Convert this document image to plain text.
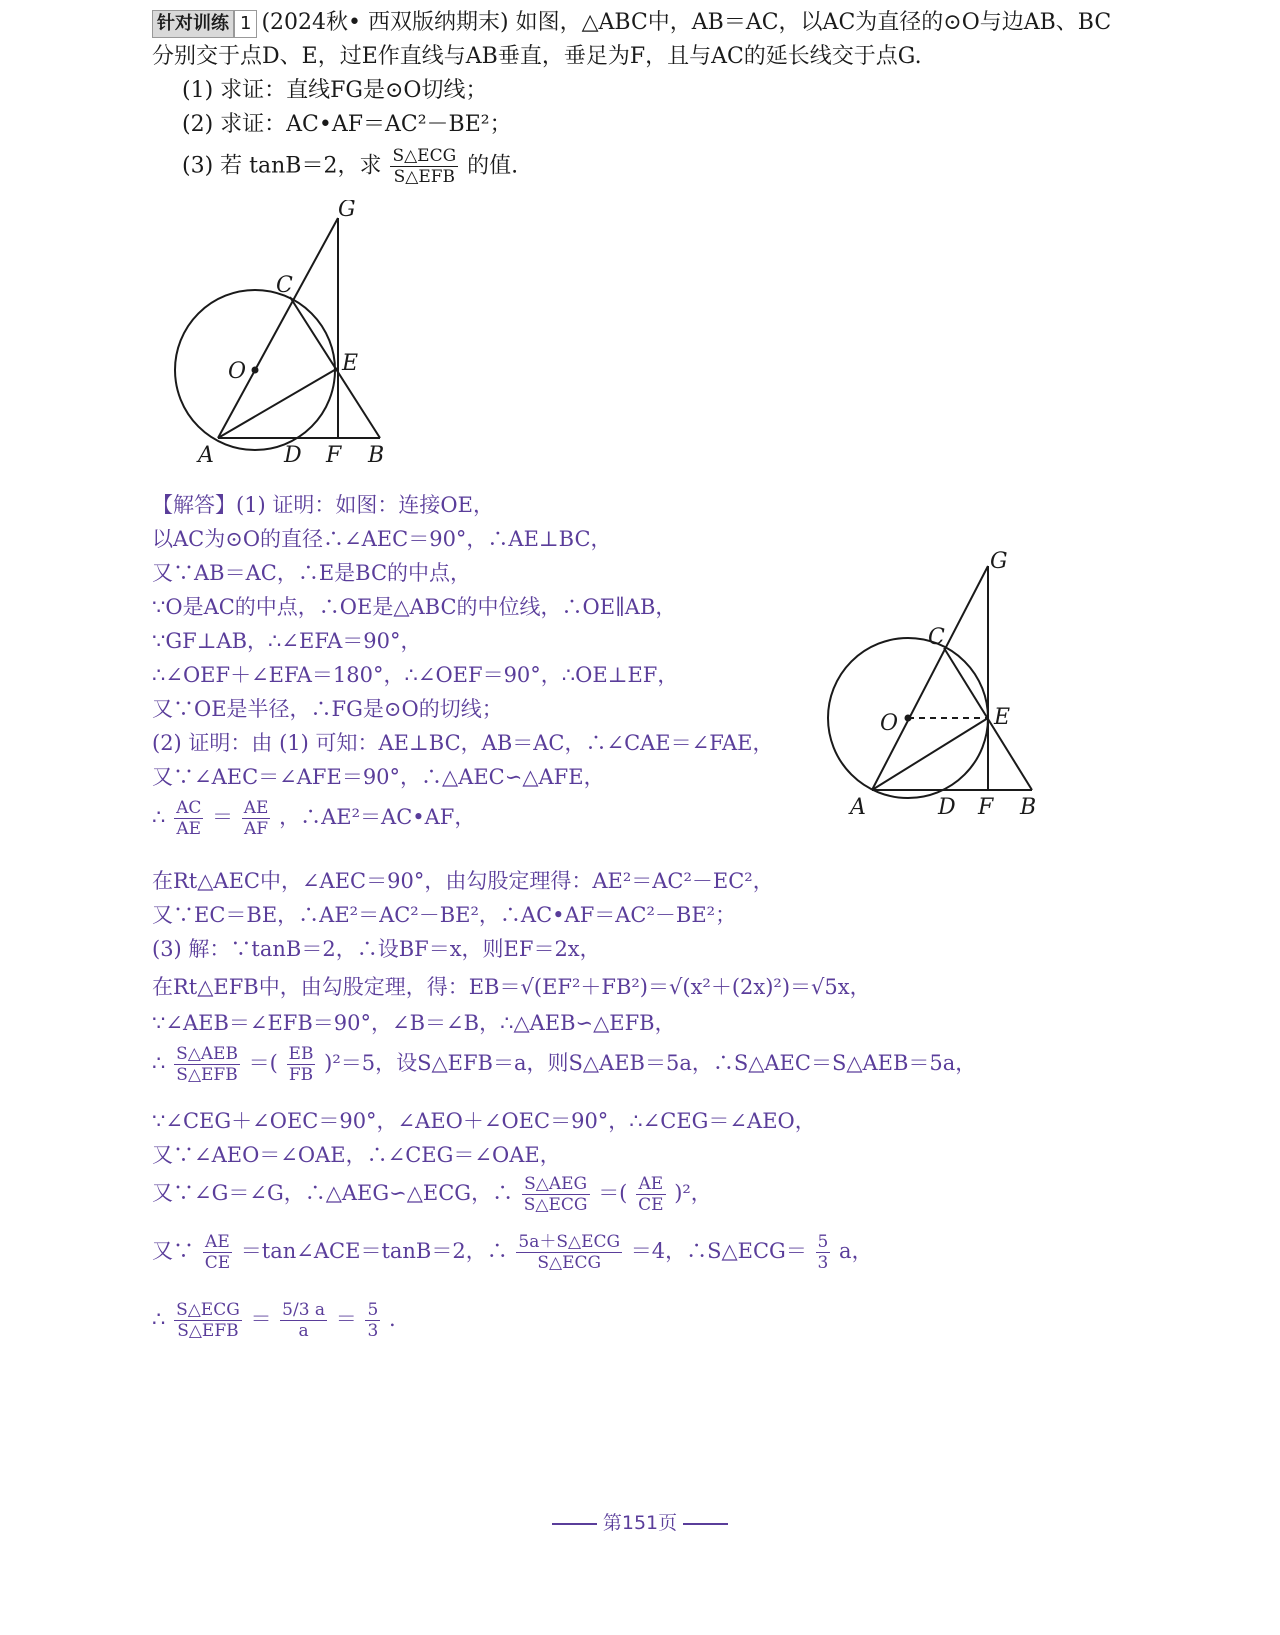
针对训练 1 (2024秋• 西双版纳期末) 如图，△ABC中，AB＝AC，以AC为直径的⊙O与边AB、BC
分别交于点D、E，过E作直线与AB垂直，垂足为F，且与AC的延长线交于点G.
(1) 求证：直线FG是⊙O切线；
(2) 求证：AC•AF＝AC²－BE²；
(3) 若 tanB＝2，求 S△ECG
S△EFB 的值.
G
C
O	E
A	D F B
G
C
O	E
A	D F B
【解答】(1) 证明：如图：连接OE，
以AC为⊙O的直径∴∠AEC＝90°，∴AE⊥BC，
又∵AB＝AC，∴E是BC的中点，
∵O是AC的中点，∴OE是△ABC的中位线，∴OE∥AB，
∵GF⊥AB，∴∠EFA＝90°，
∴∠OEF＋∠EFA＝180°，∴∠OEF＝90°，∴OE⊥EF，
又∵OE是半径，∴FG是⊙O的切线；
(2) 证明：由 (1) 可知：AE⊥BC，AB＝AC，∴∠CAE＝∠FAE，
又∵∠AEC＝∠AFE＝90°，∴△AEC∽△AFE，
∴ $\frac{AC}{AE} = \frac{AE}{AF}$ ，∴AE²＝AC•AF，
在Rt△AEC中，∠AEC＝90°，由勾股定理得：AE²＝AC²－EC²，
又∵EC＝BE，∴AE²＝AC²－BE²，∴AC•AF＝AC²－BE²；
(3) 解：∵tanB＝2，∴设BF＝x，则EF＝2x，
在Rt△EFB中，由勾股定理，得：EB＝√(EF²＋FB²)＝√(x²＋(2x)²)＝√5x，
∵∠AEB＝∠EFB＝90°，∠B＝∠B，∴△AEB∽△EFB，
∴ S△AEB
S△EFB ＝( $\frac{EB}{FB} )^2=5$，设S△EFB＝a，则S△AEB＝5a，∴S△AEC＝S△AEB＝5a，
∵∠CEG＋∠OEC＝90°，∠AEO＋∠OEC＝90°，∴∠CEG＝∠AEO，
又∵∠AEO＝∠OAE，∴∠CEG＝∠OAE，
又∵∠G＝∠G，∴△AEG∽△ECG，∴ S△AEG
S△ECG ＝( $\frac{AE}{CE} )^2$，
又∵ $\frac{AE}{CE}$ ＝tan∠ACE＝tanB＝2，∴ 5a＋S△ECG
S△ECG	＝4，∴S△ECG＝ $\frac{5}{3}$ a，
∴ S△ECG
S△EFB ＝ $\frac{5/3 a}{a} = \frac{5}{3}$ .
第151页
